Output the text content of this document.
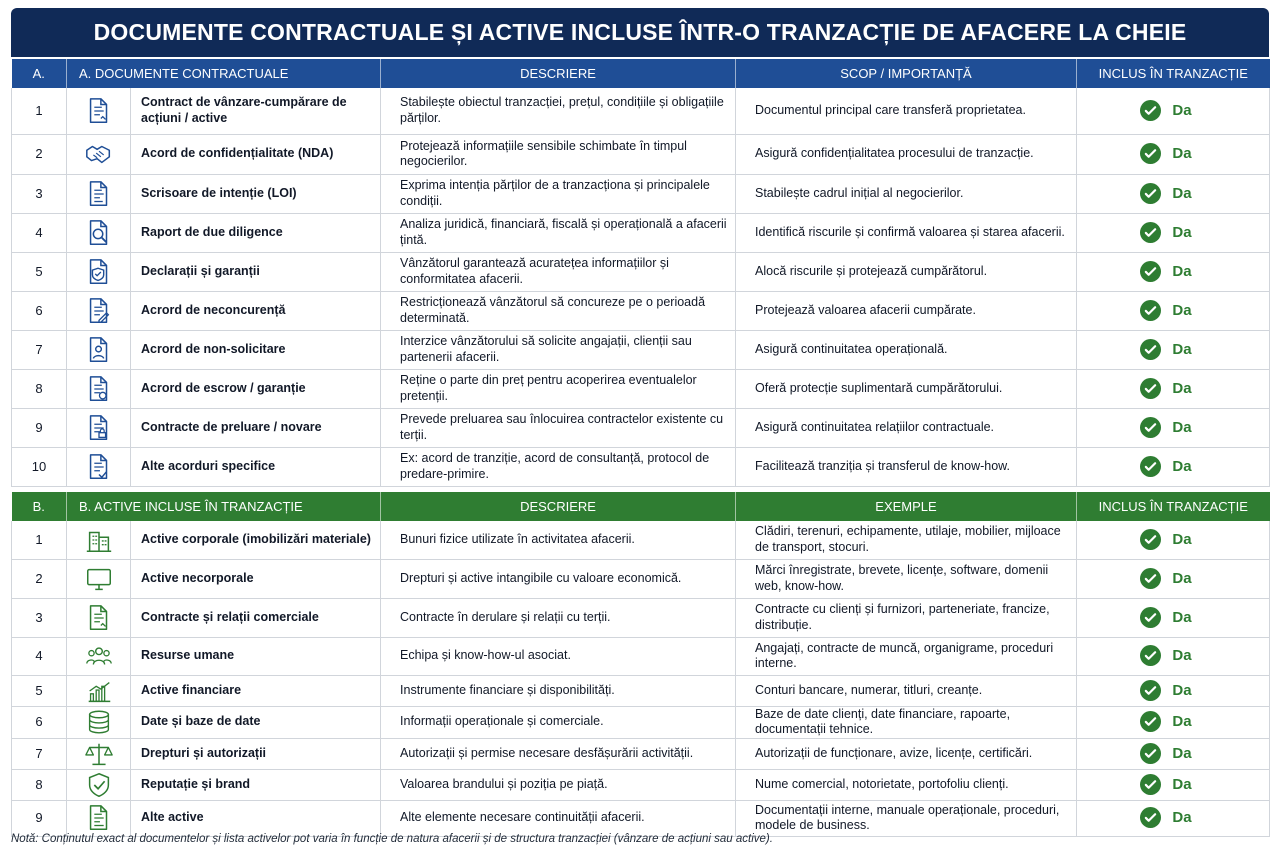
DOCUMENTE CONTRACTUALE ȘI ACTIVE INCLUSE ÎNTR-O TRANZACȚIE DE AFACERE LA CHEIE
A.	A. DOCUMENTE CONTRACTUALE		DESCRIERE	SCOP / IMPORTANȚĂ	INCLUS ÎN TRANZACȚIE
1		Contract de vânzare-cumpărare de acțiuni / active	Stabilește obiectul tranzacției, prețul, condițiile și obligațiile părților.	Documentul principal care transferă proprietatea.	Da

2		Acord de confidențialitate (NDA)	Protejează informațiile sensibile schimbate în timpul negocierilor.	Asigură confidențialitatea procesului de tranzacție.	Da

3		Scrisoare de intenție (LOI)	Exprima intenția părților de a tranzacționa și principalele condiții.	Stabilește cadrul inițial al negocierilor.	Da

4		Raport de due diligence	Analiza juridică, financiară, fiscală și operațională a afacerii țintă.	Identifică riscurile și confirmă valoarea și starea afacerii.	Da

5		Declarații și garanții	Vânzătorul garantează acuratețea informațiilor și conformitatea afacerii.	Alocă riscurile și protejează cumpărătorul.	Da

6		Acrord de neconcurență	Restricționează vânzătorul să concureze pe o perioadă determinată.	Protejează valoarea afacerii cumpărate.	Da

7		Acrord de non-solicitare	Interzice vânzătorului să solicite angajații, clienții sau partenerii afacerii.	Asigură continuitatea operațională.	Da

8		Acrord de escrow / garanție	Reține o parte din preț pentru acoperirea eventualelor pretenții.	Oferă protecție suplimentară cumpărătorului.	Da

9		Contracte de preluare / novare	Prevede preluarea sau înlocuirea contractelor existente cu terții.	Asigură continuitatea relațiilor contractuale.	Da

10		Alte acorduri specifice	Ex: acord de tranziție, acord de consultanță, protocol de predare-primire.	Facilitează tranziția și transferul de know-how.	Da
B.	B. ACTIVE INCLUSE ÎN TRANZACȚIE		DESCRIERE	EXEMPLE	INCLUS ÎN TRANZACȚIE
1		Active corporale (imobilizări materiale)	Bunuri fizice utilizate în activitatea afacerii.	Clădiri, terenuri, echipamente, utilaje, mobilier, mijloace de transport, stocuri.	Da

2		Active necorporale	Drepturi și active intangibile cu valoare economică.	Mărci înregistrate, brevete, licențe, software, domenii web, know-how.	Da

3		Contracte și relații comerciale	Contracte în derulare și relații cu terții.	Contracte cu clienți și furnizori, parteneriate, francize, distribuție.	Da

4		Resurse umane	Echipa și know-how-ul asociat.	Angajați, contracte de muncă, organigrame, proceduri interne.	Da

5		Active financiare	Instrumente financiare și disponibilități.	Conturi bancare, numerar, titluri, creanțe.	Da

6		Date și baze de date	Informații operaționale și comerciale.	Baze de date clienți, date financiare, rapoarte, documentații tehnice.	Da

7		Drepturi și autorizații	Autorizații și permise necesare desfășurării activității.	Autorizații de funcționare, avize, licențe, certificări.	Da

8		Reputație și brand	Valoarea brandului și poziția pe piață.	Nume comercial, notorietate, portofoliu clienți.	Da

9		Alte active	Alte elemente necesare continuității afacerii.	Documentații interne, manuale operaționale, proceduri, modele de business.	Da
Notă: Conținutul exact al documentelor și lista activelor pot varia în funcție de natura afacerii și de structura tranzacției (vânzare de acțiuni sau active).
